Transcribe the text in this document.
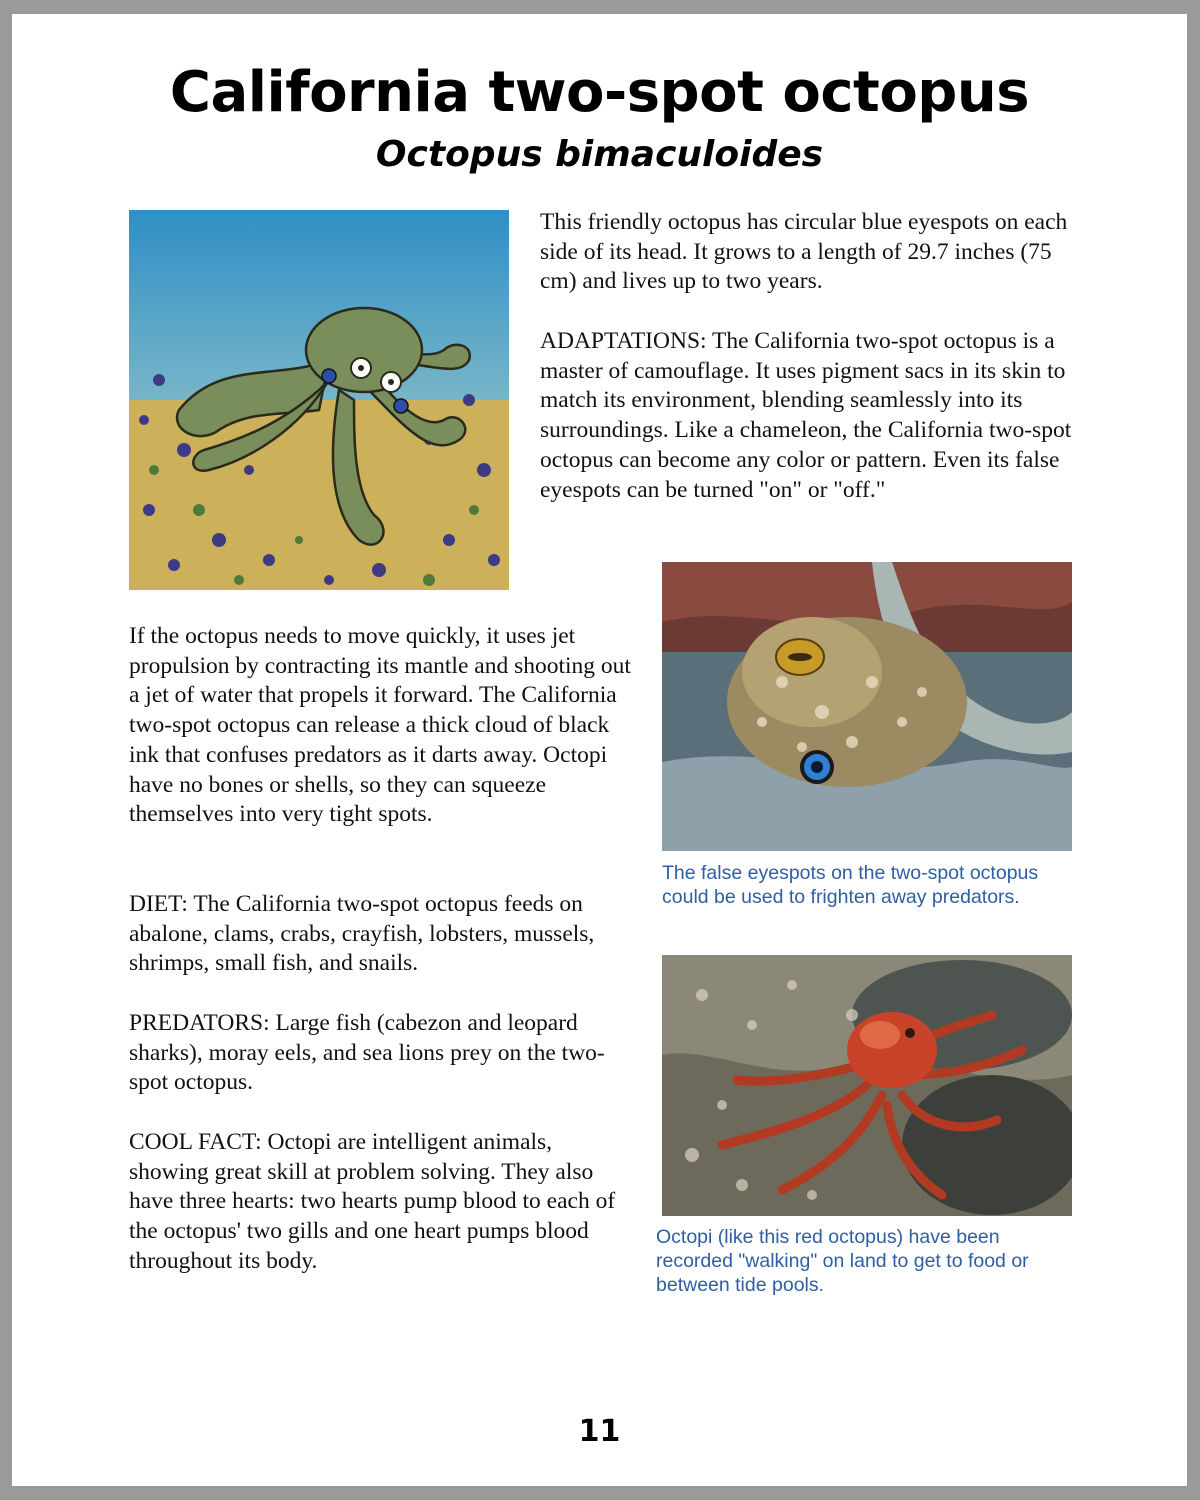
California two-spot octopus
Octopus bimaculoides

This friendly octopus has circular blue eyespots on each side of its head. It grows to a length of 29.7 inches (75 cm) and lives up to two years.

ADAPTATIONS: The California two-spot octopus is a master of camouflage. It uses pigment sacs in its skin to match its environment, blending seamlessly into its surroundings. Like a chameleon, the California two-spot octopus can become any color or pattern. Even its false eyespots can be turned "on" or "off."

If the octopus needs to move quickly, it uses jet propulsion by contracting its mantle and shooting out a jet of water that propels it forward. The California two-spot octopus can release a thick cloud of black ink that confuses predators as it darts away. Octopi have no bones or shells, so they can squeeze themselves into very tight spots.

DIET: The California two-spot octopus feeds on abalone, clams, crabs, crayfish, lobsters, mussels, shrimps, small fish, and snails.

PREDATORS: Large fish (cabezon and leopard sharks), moray eels, and sea lions prey on the two-spot octopus.

COOL FACT: Octopi are intelligent animals, showing great skill at problem solving. They also have three hearts: two hearts pump blood to each of the octopus' two gills and one heart pumps blood throughout its body.

The false eyespots on the two-spot octopus could be used to frighten away predators.

Octopi (like this red octopus) have been recorded "walking" on land to get to food or between tide pools.

11
